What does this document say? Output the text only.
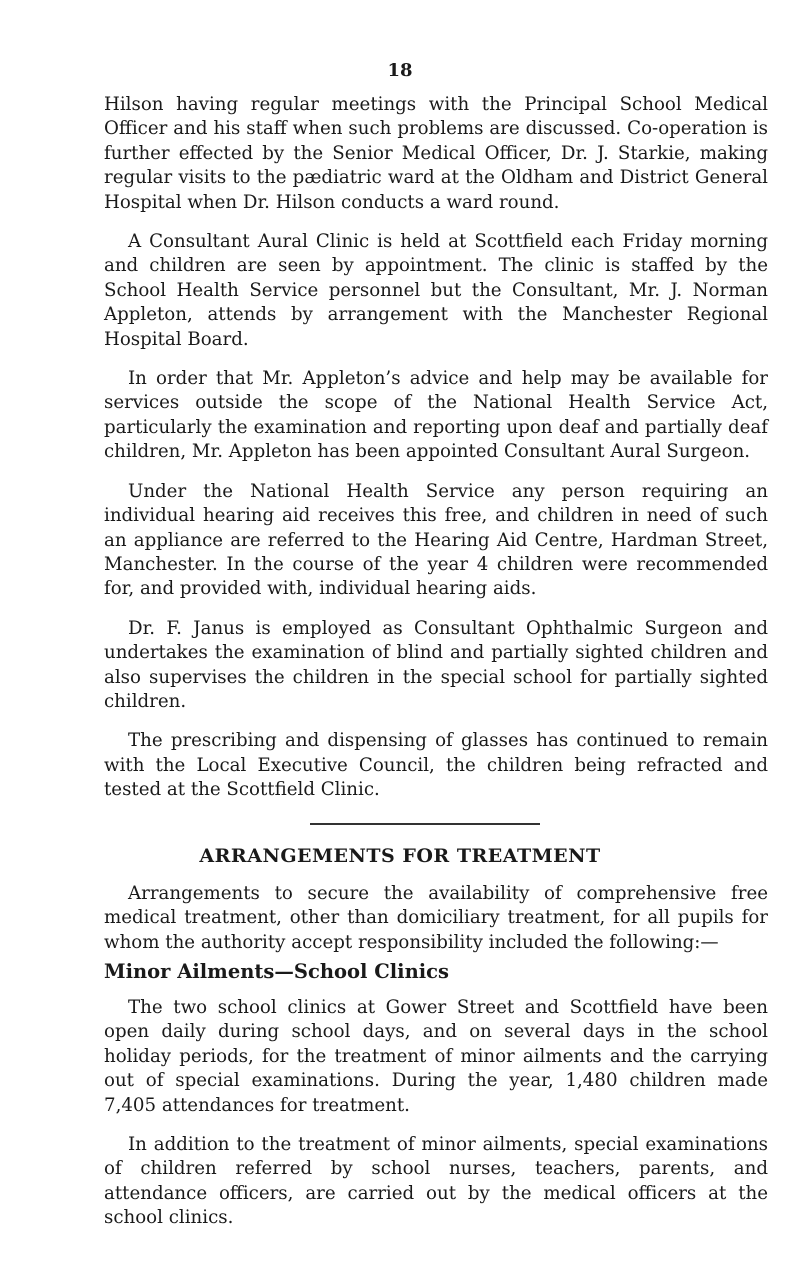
18

Hilson having regular meetings with the Principal School Medical Officer and his staff when such problems are discussed. Co-operation is further effected by the Senior Medical Officer, Dr. J. Starkie, making regular visits to the pædiatric ward at the Oldham and District General Hospital when Dr. Hilson conducts a ward round.

A Consultant Aural Clinic is held at Scottfield each Friday morning and children are seen by appointment. The clinic is staffed by the School Health Service personnel but the Consultant, Mr. J. Norman Appleton, attends by arrangement with the Manchester Regional Hospital Board.

In order that Mr. Appleton’s advice and help may be available for services outside the scope of the National Health Service Act, particularly the examination and reporting upon deaf and partially deaf children, Mr. Appleton has been appointed Consultant Aural Surgeon.

Under the National Health Service any person requiring an individual hearing aid receives this free, and children in need of such an appliance are referred to the Hearing Aid Centre, Hardman Street, Manchester. In the course of the year 4 children were recommended for, and provided with, individual hearing aids.

Dr. F. Janus is employed as Consultant Ophthalmic Surgeon and undertakes the examination of blind and partially sighted children and also supervises the children in the special school for partially sighted children.

The prescribing and dispensing of glasses has continued to remain with the Local Executive Council, the children being refracted and tested at the Scottfield Clinic.

ARRANGEMENTS FOR TREATMENT

Arrangements to secure the availability of comprehensive free medical treatment, other than domiciliary treatment, for all pupils for whom the authority accept responsibility included the following:—

Minor Ailments—School Clinics

The two school clinics at Gower Street and Scottfield have been open daily during school days, and on several days in the school holiday periods, for the treatment of minor ailments and the carrying out of special examinations. During the year, 1,480 children made 7,405 attendances for treatment.

In addition to the treatment of minor ailments, special examinations of children referred by school nurses, teachers, parents, and attendance officers, are carried out by the medical officers at the school clinics.
